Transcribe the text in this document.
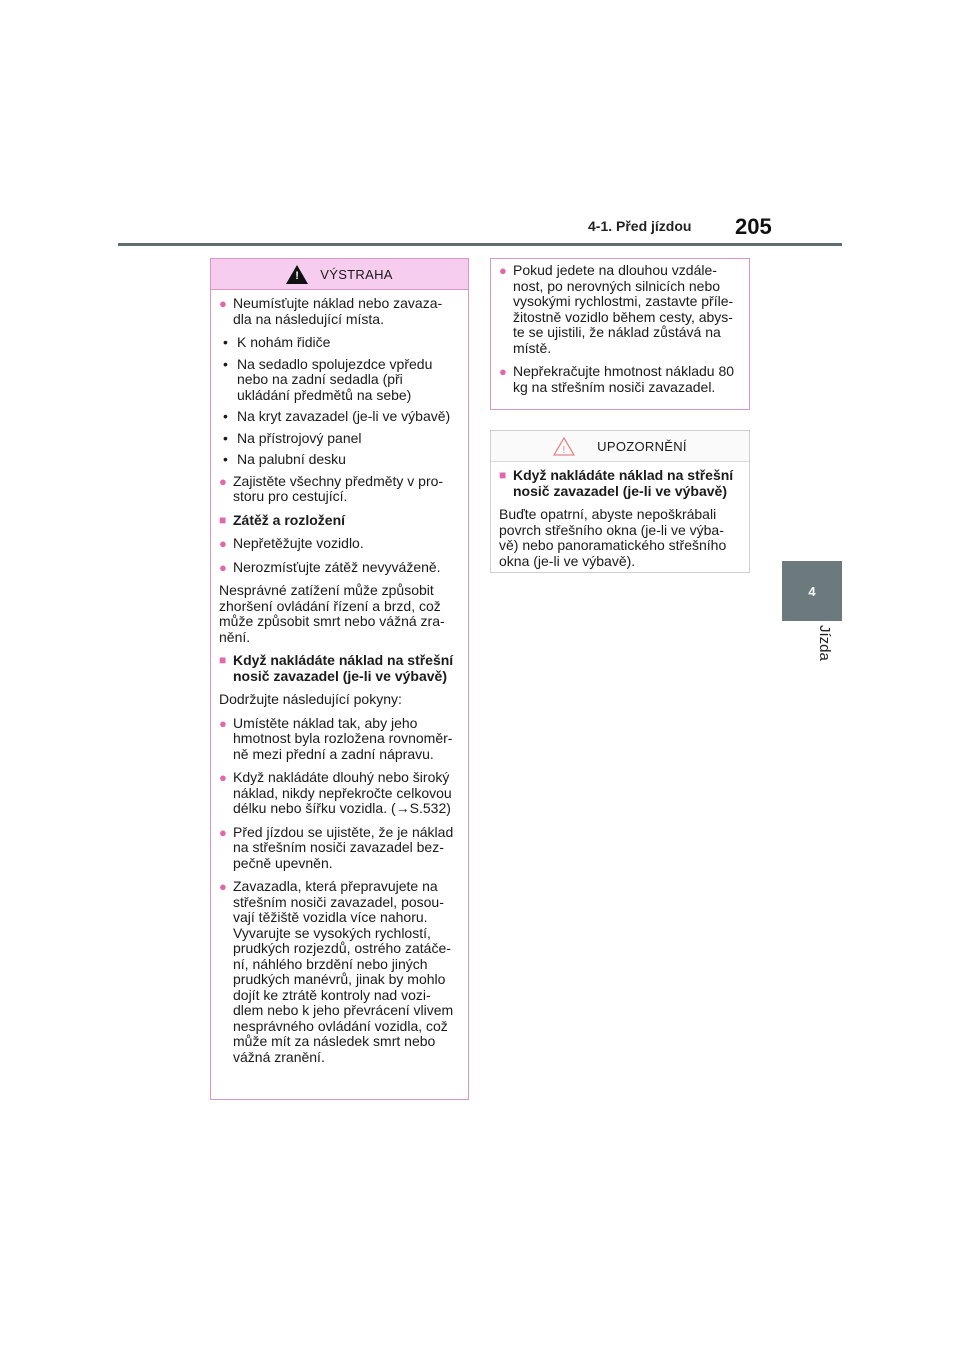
4-1. Před jízdou 205
4
Jízda
!
VÝSTRAHA
●
Neumísťujte náklad nebo zavaza-dla na následující místa.
•
K nohám řidiče
•
Na sedadlo spolujezdce vpředu nebo na zadní sedadla (při ukládání předmětů na sebe)
•
Na kryt zavazadel (je-li ve výbavě)
•
Na přístrojový panel
•
Na palubní desku
●
Zajistěte všechny předměty v pro-storu pro cestující.
■
Zátěž a rozložení
●
Nepřetěžujte vozidlo.
●
Nerozmísťujte zátěž nevyváženě.
Nesprávné zatížení může způsobit zhoršení ovládání řízení a brzd, což může způsobit smrt nebo vážná zra-nění.
■
Když nakládáte náklad na střešní nosič zavazadel (je-li ve výbavě)
Dodržujte následující pokyny:
●
Umístěte náklad tak, aby jeho hmotnost byla rozložena rovnoměr-ně mezi přední a zadní nápravu.
●
Když nakládáte dlouhý nebo široký náklad, nikdy nepřekročte celkovou délku nebo šířku vozidla. (→S.532)
●
Před jízdou se ujistěte, že je náklad na střešním nosiči zavazadel bez-pečně upevněn.
●
Zavazadla, která přepravujete na střešním nosiči zavazadel, posou-vají těžiště vozidla více nahoru. Vyvarujte se vysokých rychlostí, prudkých rozjezdů, ostrého zatáče-ní, náhlého brzdění nebo jiných prudkých manévrů, jinak by mohlo dojít ke ztrátě kontroly nad vozi-dlem nebo k jeho převrácení vlivem nesprávného ovládání vozidla, což může mít za následek smrt nebo vážná zranění.
●
Pokud jedete na dlouhou vzdále-nost, po nerovných silnicích nebo vysokými rychlostmi, zastavte příle-žitostně vozidlo během cesty, abys-te se ujistili, že náklad zůstává na místě.
●
Nepřekračujte hmotnost nákladu 80 kg na střešním nosiči zavazadel.
! UPOZORNĚNÍ
■
Když nakládáte náklad na střešní nosič zavazadel (je-li ve výbavě)
Buďte opatrní, abyste nepoškrábali povrch střešního okna (je-li ve výba-vě) nebo panoramatického střešního okna (je-li ve výbavě).
